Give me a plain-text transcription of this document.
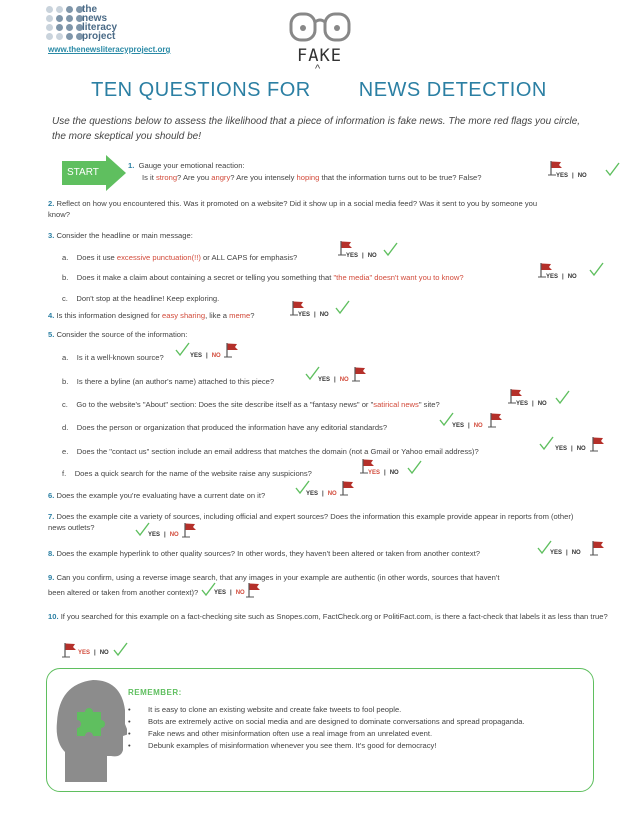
the
news
literacy
project
www.thenewsliteracyproject.org	FAKE
^
TEN QUESTIONS FOR NEWS DETECTION
Use the questions below to assess the likelihood that a piece of information is fake news. The more red flags you circle, the more skeptical you should be!
START
1. Gauge your emotional reaction:
Is it strong? Are you angry? Are you intensely hoping that the information turns out to be true? False?	YES | NO
2. Reflect on how you encountered this. Was it promoted on a website? Did it show up in a social media feed? Was it sent to you by someone you know?
3. Consider the headline or main message:
a. Does it use excessive punctuation(!!) or ALL CAPS for emphasis?	YES | NO
b. Does it make a claim about containing a secret or telling you something that "the media" doesn't want you to know?	YES | NO
c. Don't stop at the headline! Keep exploring.
4. Is this information designed for easy sharing, like a meme?	YES | NO
5. Consider the source of the information:
a. Is it a well-known source?	YES | NO
b. Is there a byline (an author's name) attached to this piece?	YES | NO
c. Go to the website's "About" section: Does the site describe itself as a "fantasy news" or "satirical news" site?	YES | NO
d. Does the person or organization that produced the information have any editorial standards?	YES | NO
e. Does the "contact us" section include an email address that matches the domain (not a Gmail or Yahoo email address)?	YES | NO
f. Does a quick search for the name of the website raise any suspicions?	YES | NO
6. Does the example you're evaluating have a current date on it?	YES | NO
7. Does the example cite a variety of sources, including official and expert sources? Does the information this example provide appear in reports from (other) news outlets?
YES | NO
8. Does the example hyperlink to other quality sources? In other words, they haven't been altered or taken from another context?	YES | NO
9. Can you confirm, using a reverse image search, that any images in your example are authentic (in other words, sources that haven't been altered or taken from another context)?	YES | NO
10. If you searched for this example on a fact-checking site such as Snopes.com, FactCheck.org or PolitiFact.com, is there a fact-check that labels it as less than true?
YES | NO
REMEMBER:
• It is easy to clone an existing website and create fake tweets to fool people.
• Bots are extremely active on social media and are designed to dominate conversations and spread propaganda.
• Fake news and other misinformation often use a real image from an unrelated event.
• Debunk examples of misinformation whenever you see them. It's good for democracy!
